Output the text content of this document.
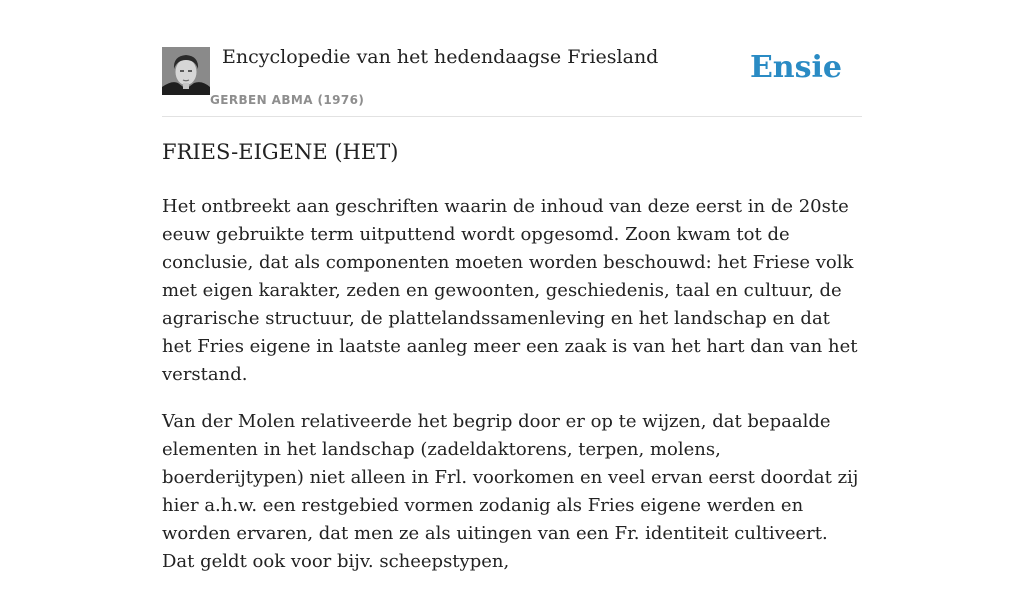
Encyclopedie van het hedendaagse Friesland
GERBEN ABMA (1976)
Ensie
FRIES-EIGENE (HET)

Het ontbreekt aan geschriften waarin de inhoud van deze eerst in de 20ste eeuw gebruikte term uitputtend wordt opgesomd. Zoon kwam tot de conclusie, dat als componenten moeten worden beschouwd: het Friese volk met eigen karakter, zeden en gewoonten, geschiedenis, taal en cultuur, de agrarische structuur, de plattelandssamenleving en het landschap en dat het Fries eigene in laatste aanleg meer een zaak is van het hart dan van het verstand.

Van der Molen relativeerde het begrip door er op te wijzen, dat bepaalde elementen in het landschap (zadeldaktorens, terpen, molens, boerderijtypen) niet alleen in Frl. voorkomen en veel ervan eerst doordat zij hier a.h.w. een restgebied vormen zodanig als Fries eigene werden en worden ervaren, dat men ze als uitingen van een Fr. identiteit cultiveert. Dat geldt ook voor bijv. scheepstypen,
